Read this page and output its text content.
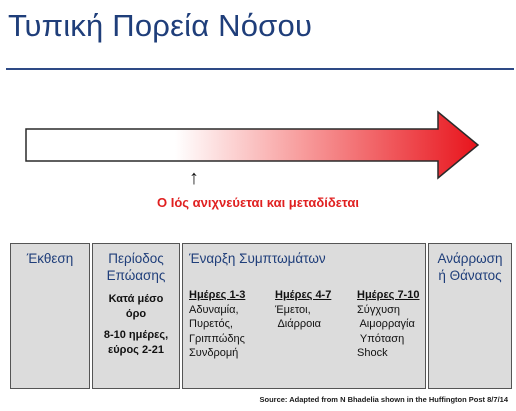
Τυπική Πορεία Νόσου
↑
Ο Ιός ανιχνεύεται και μεταδίδεται
Έκθεση	Περίοδος
Επώασης

Κατά μέσο
όρο

8-10 ημέρες,
εύρος 2-21

Έναρξη Συμπτωμάτων
Ημέρες 1-3
Αδυναμία,
Πυρετός,
Γριππώδης
Συνδρομή
Ημέρες 4-7
Έμετοι,
Διάρροια
Ημέρες 7-10
Σύγχυση
Αιμορραγία
Υπόταση
Shock
Ανάρρωση
ή Θάνατος
Source: Adapted from N Bhadelia shown in the Huffington Post 8/7/14
